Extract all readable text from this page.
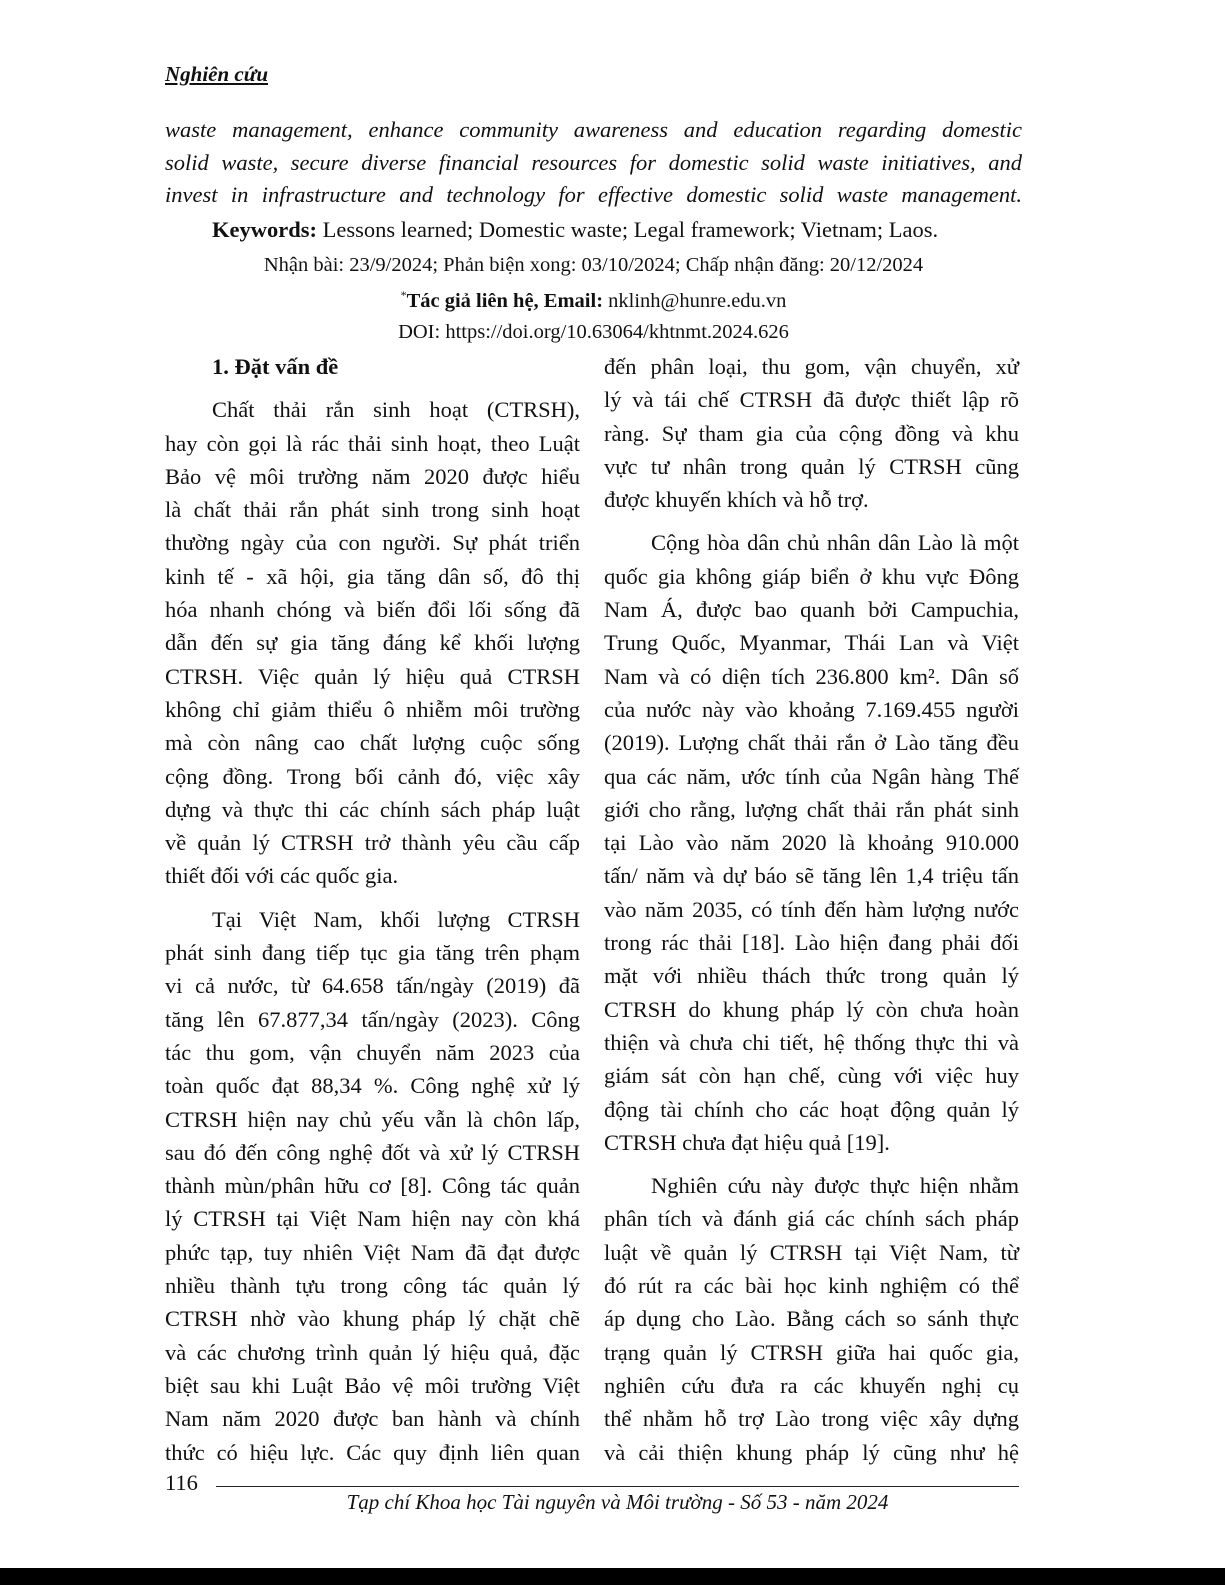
Nghiên cứu
waste management, enhance community awareness and education regarding domestic
solid waste, secure diverse financial resources for domestic solid waste initiatives, and
invest in infrastructure and technology for effective domestic solid waste management.
Keywords: Lessons learned; Domestic waste; Legal framework; Vietnam; Laos.
Nhận bài: 23/9/2024; Phản biện xong: 03/10/2024; Chấp nhận đăng: 20/12/2024
*Tác giả liên hệ, Email: nklinh@hunre.edu.vn
DOI: https://doi.org/10.63064/khtnmt.2024.626
1. Đặt vấn đề
Chất thải rắn sinh hoạt (CTRSH),
hay còn gọi là rác thải sinh hoạt, theo Luật
Bảo vệ môi trường năm 2020 được hiểu
là chất thải rắn phát sinh trong sinh hoạt
thường ngày của con người. Sự phát triển
kinh tế - xã hội, gia tăng dân số, đô thị
hóa nhanh chóng và biến đổi lối sống đã
dẫn đến sự gia tăng đáng kể khối lượng
CTRSH. Việc quản lý hiệu quả CTRSH
không chỉ giảm thiểu ô nhiễm môi trường
mà còn nâng cao chất lượng cuộc sống
cộng đồng. Trong bối cảnh đó, việc xây
dựng và thực thi các chính sách pháp luật
về quản lý CTRSH trở thành yêu cầu cấp
thiết đối với các quốc gia.
Tại Việt Nam, khối lượng CTRSH
phát sinh đang tiếp tục gia tăng trên phạm
vi cả nước, từ 64.658 tấn/ngày (2019) đã
tăng lên 67.877,34 tấn/ngày (2023). Công
tác thu gom, vận chuyển năm 2023 của
toàn quốc đạt 88,34 %. Công nghệ xử lý
CTRSH hiện nay chủ yếu vẫn là chôn lấp,
sau đó đến công nghệ đốt và xử lý CTRSH
thành mùn/phân hữu cơ [8]. Công tác quản
lý CTRSH tại Việt Nam hiện nay còn khá
phức tạp, tuy nhiên Việt Nam đã đạt được
nhiều thành tựu trong công tác quản lý
CTRSH nhờ vào khung pháp lý chặt chẽ
và các chương trình quản lý hiệu quả, đặc
biệt sau khi Luật Bảo vệ môi trường Việt
Nam năm 2020 được ban hành và chính
thức có hiệu lực. Các quy định liên quan
đến phân loại, thu gom, vận chuyển, xử
lý và tái chế CTRSH đã được thiết lập rõ
ràng. Sự tham gia của cộng đồng và khu
vực tư nhân trong quản lý CTRSH cũng
được khuyến khích và hỗ trợ.
Cộng hòa dân chủ nhân dân Lào là một
quốc gia không giáp biển ở khu vực Đông
Nam Á, được bao quanh bởi Campuchia,
Trung Quốc, Myanmar, Thái Lan và Việt
Nam và có diện tích 236.800 km². Dân số
của nước này vào khoảng 7.169.455 người
(2019). Lượng chất thải rắn ở Lào tăng đều
qua các năm, ước tính của Ngân hàng Thế
giới cho rằng, lượng chất thải rắn phát sinh
tại Lào vào năm 2020 là khoảng 910.000
tấn/ năm và dự báo sẽ tăng lên 1,4 triệu tấn
vào năm 2035, có tính đến hàm lượng nước
trong rác thải [18]. Lào hiện đang phải đối
mặt với nhiều thách thức trong quản lý
CTRSH do khung pháp lý còn chưa hoàn
thiện và chưa chi tiết, hệ thống thực thi và
giám sát còn hạn chế, cùng với việc huy
động tài chính cho các hoạt động quản lý
CTRSH chưa đạt hiệu quả [19].
Nghiên cứu này được thực hiện nhằm
phân tích và đánh giá các chính sách pháp
luật về quản lý CTRSH tại Việt Nam, từ
đó rút ra các bài học kinh nghiệm có thể
áp dụng cho Lào. Bằng cách so sánh thực
trạng quản lý CTRSH giữa hai quốc gia,
nghiên cứu đưa ra các khuyến nghị cụ
thể nhằm hỗ trợ Lào trong việc xây dựng
và cải thiện khung pháp lý cũng như hệ
116
Tạp chí Khoa học Tài nguyên và Môi trường - Số 53 - năm 2024
